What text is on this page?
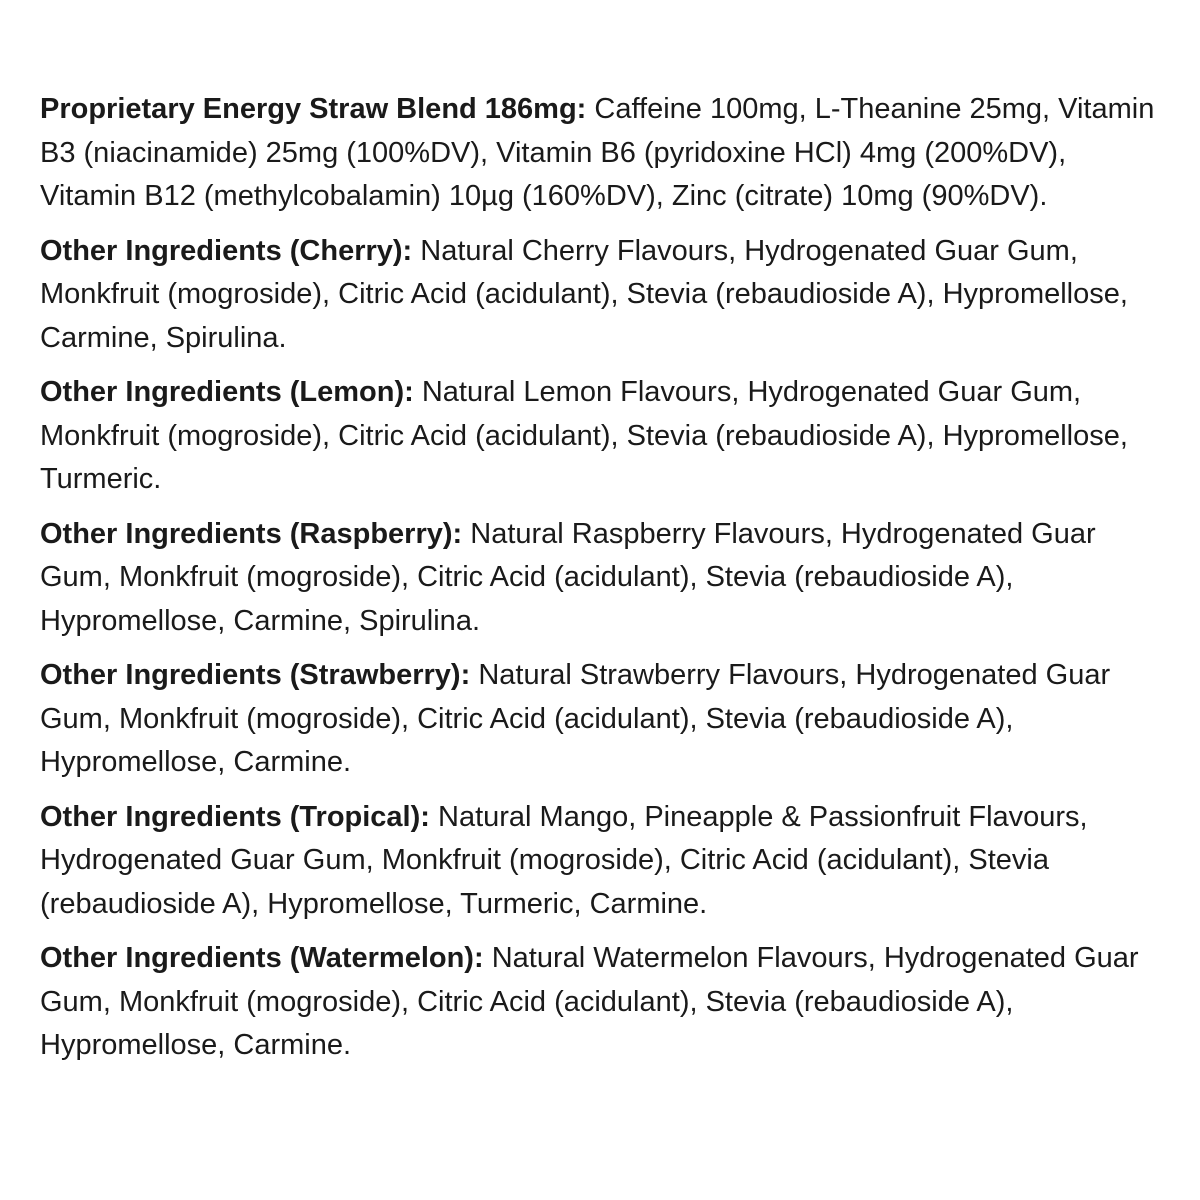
Proprietary Energy Straw Blend 186mg: Caffeine 100mg, L-Theanine 25mg, Vitamin B3 (niacinamide) 25mg (100%DV), Vitamin B6 (pyridoxine HCl) 4mg (200%DV), Vitamin B12 (methylcobalamin) 10µg (160%DV), Zinc (citrate) 10mg (90%DV).

Other Ingredients (Cherry): Natural Cherry Flavours, Hydrogenated Guar Gum, Monkfruit (mogroside), Citric Acid (acidulant), Stevia (rebaudioside A), Hypromellose, Carmine, Spirulina.

Other Ingredients (Lemon): Natural Lemon Flavours, Hydrogenated Guar Gum, Monkfruit (mogroside), Citric Acid (acidulant), Stevia (rebaudioside A), Hypromellose, Turmeric.

Other Ingredients (Raspberry): Natural Raspberry Flavours, Hydrogenated Guar Gum, Monkfruit (mogroside), Citric Acid (acidulant), Stevia (rebaudioside A), Hypromellose, Carmine, Spirulina.

Other Ingredients (Strawberry): Natural Strawberry Flavours, Hydrogenated Guar Gum, Monkfruit (mogroside), Citric Acid (acidulant), Stevia (rebaudioside A), Hypromellose, Carmine.

Other Ingredients (Tropical): Natural Mango, Pineapple & Passionfruit Flavours, Hydrogenated Guar Gum, Monkfruit (mogroside), Citric Acid (acidulant), Stevia (rebaudioside A), Hypromellose, Turmeric, Carmine.

Other Ingredients (Watermelon): Natural Watermelon Flavours, Hydrogenated Guar Gum, Monkfruit (mogroside), Citric Acid (acidulant), Stevia (rebaudioside A), Hypromellose, Carmine.
